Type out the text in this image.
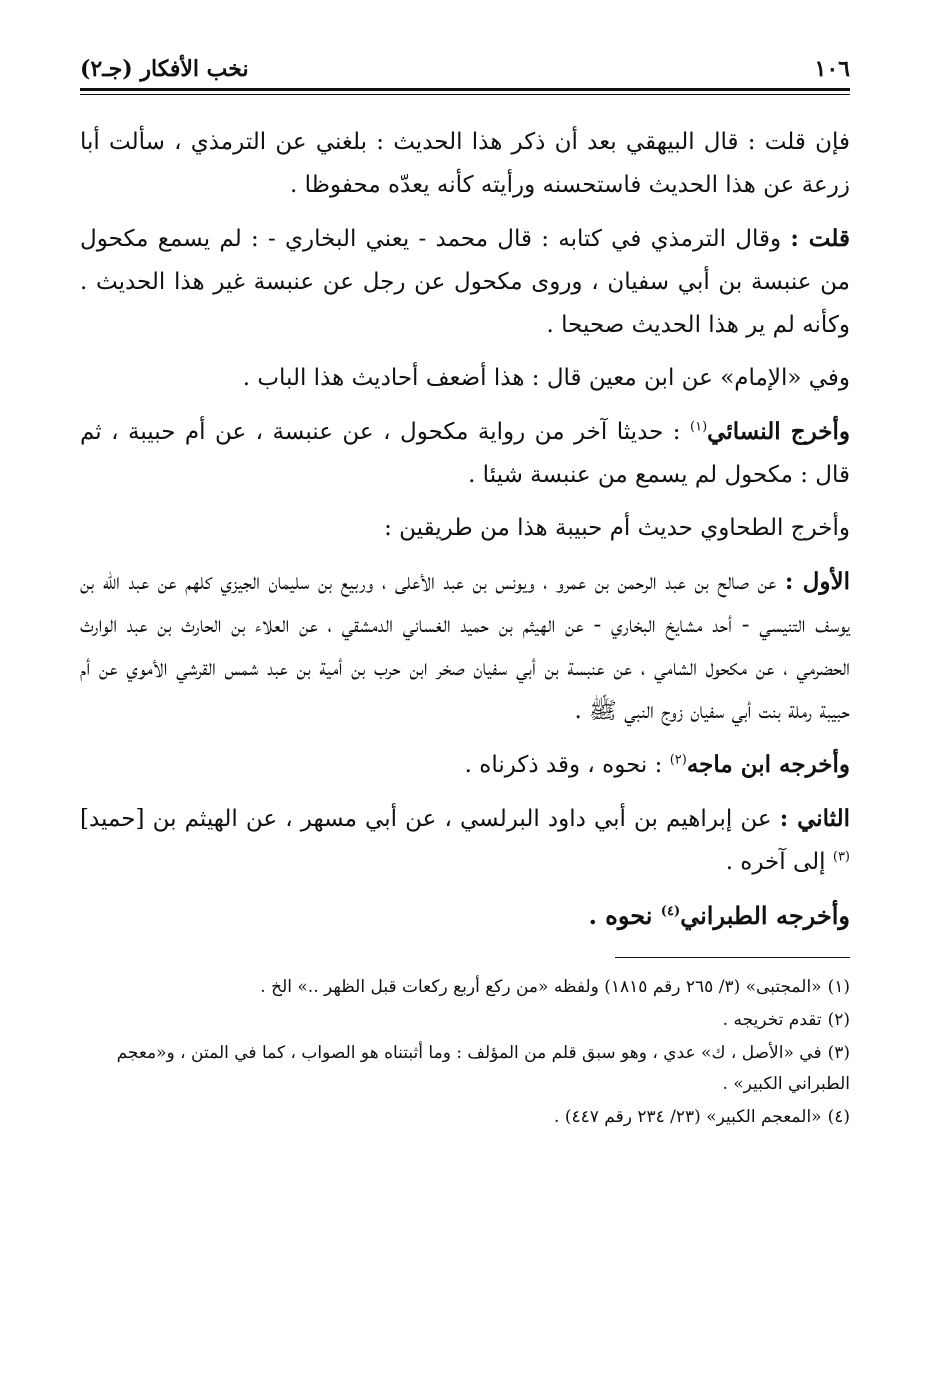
١٠٦
نخب الأفكار (جـ٢)

فإن قلت : قال البيهقي بعد أن ذكر هذا الحديث : بلغني عن الترمذي ، سألت أبا زرعة عن هذا الحديث فاستحسنه ورأيته كأنه يعدّه محفوظا .

قلت : وقال الترمذي في كتابه : قال محمد - يعني البخاري - : لم يسمع مكحول من عنبسة بن أبي سفيان ، وروى مكحول عن رجل عن عنبسة غير هذا الحديث . وكأنه لم ير هذا الحديث صحيحا .

وفي «الإمام» عن ابن معين قال : هذا أضعف أحاديث هذا الباب .

وأخرج النسائي$^{(١)}$ : حديثا آخر من رواية مكحول ، عن عنبسة ، عن أم حبيبة ، ثم قال : مكحول لم يسمع من عنبسة شيئا .

وأخرج الطحاوي حديث أم حبيبة هذا من طريقين :

الأول : عن صالح بن عبد الرحمن بن عمرو ، ويونس بن عبد الأعلى ، وربيع بن سليمان الجيزي كلهم عن عبد الله بن يوسف التنيسي - أحد مشايخ البخاري - عن الهيثم بن حميد الغساني الدمشقي ، عن العلاء بن الحارث بن عبد الوارث الحضرمي ، عن مكحول الشامي ، عن عنبسة بن أبي سفيان صخر ابن حرب بن أمية بن عبد شمس القرشي الأموي عن أم حبيبة رملة بنت أبي سفيان زوج النبي ﷺ .

وأخرجه ابن ماجه$^{(٢)}$ : نحوه ، وقد ذكرناه .

الثاني : عن إبراهيم بن أبي داود البرلسي ، عن أبي مسهر ، عن الهيثم بن [حميد]$^{(٣)}$ إلى آخره .

وأخرجه الطبراني$^{(٤)}$ نحوه .

(١)«المجتبى» (٣/ ٢٦٥ رقم ١٨١٥) ولفظه «من ركع أربع ركعات قبل الظهر ..» الخ .

(٢)تقدم تخريجه .

(٣)في «الأصل ، ك» عدي ، وهو سبق قلم من المؤلف : وما أثبتناه هو الصواب ، كما في المتن ، و«معجم الطبراني الكبير» .

(٤)«المعجم الكبير» (٢٣/ ٢٣٤ رقم ٤٤٧) .
